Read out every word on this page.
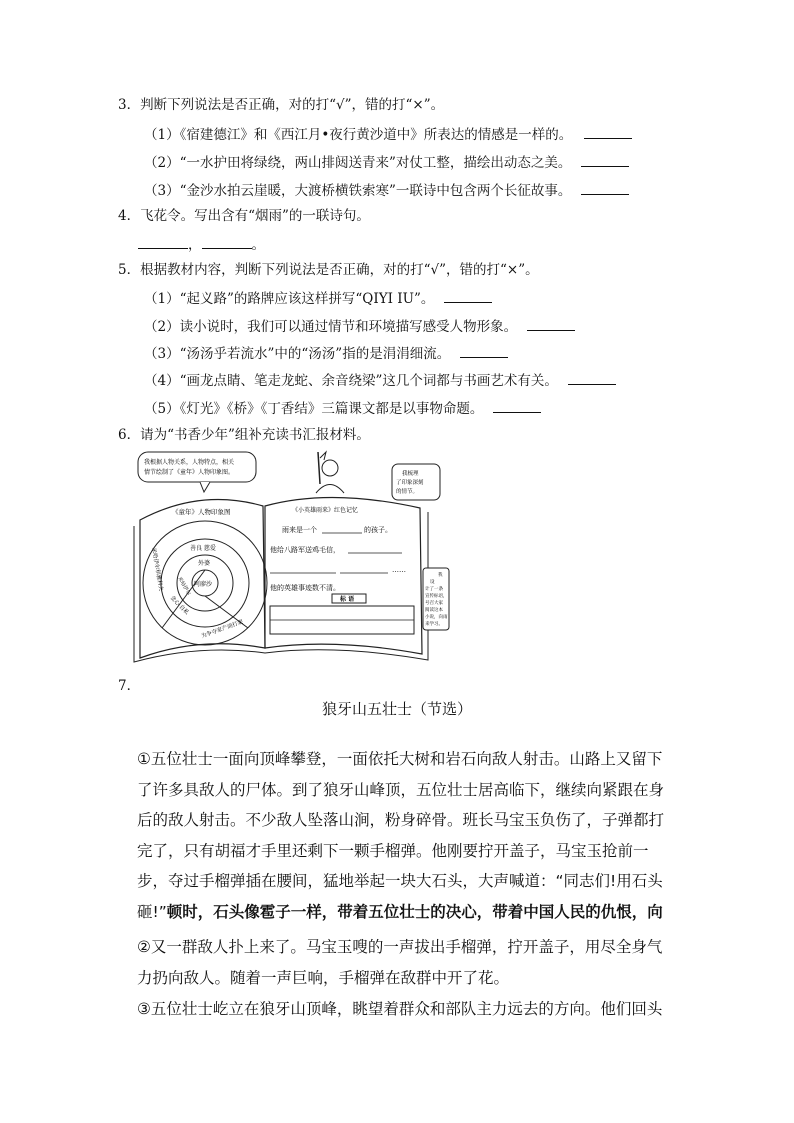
3．判断下列说法是否正确，对的打“√”，错的打“×”。
（1）《宿建德江》和《西江月•夜行黄沙道中》所表达的情感是一样的。
（2）“一水护田将绿绕，两山排闼送青来”对仗工整，描绘出动态之美。
（3）“金沙水拍云崖暖，大渡桥横铁索寒”一联诗中包含两个长征故事。
4．飞花令。写出含有“烟雨”的一联诗句。
，	。
5．根据教材内容，判断下列说法是否正确，对的打“√”，错的打“×”。
（1）“起义路”的路牌应该这样拼写“QIYI IU”。
（2）读小说时，我们可以通过情节和环境描写感受人物形象。
（3）“汤汤乎若流水”中的“汤汤”指的是涓涓细流。
（4）“画龙点睛、笔走龙蛇、余音绕梁”这几个词都与书画艺术有关。
（5）《灯光》《桥》《丁香结》三篇课文都是以事物命题。
6．请为“书香少年”组补充读书汇报材料。
我根据人物关系，人物特点，相关
情节绘制了《童年》人物印象图。	我梳理
了印象深刻
的情节。
《童年》人物印象图
善良 慈爱
外婆
阿廖沙
贪心 自私
米哈伊尔
米哈伊尔和雅科夫
为争夺家产而打架
《小英雄雨来》红色记忆
雨来是一个	的孩子。
他给八路军送鸡毛信，
……
他的英雄事迹数不清。
标 语
我
设
计了一条
宣传标语，
号召大家
阅读这本
小说，向雨
来学习。
7．
狼牙山五壮士（节选）
①五位壮士一面向顶峰攀登，一面依托大树和岩石向敌人射击。山路上又留下了许多具敌人的尸体。到了狼牙山峰顶，五位壮士居高临下，继续向紧跟在身后的敌人射击。不少敌人坠落山涧，粉身碎骨。班长马宝玉负伤了，子弹都打完了，只有胡福才手里还剩下一颗手榴弹。他刚要拧开盖子，马宝玉抢前一步，夺过手榴弹插在腰间，猛地举起一块大石头，大声喊道：“同志们!用石头砸!”顿时，石头像雹子一样，带着五位壮士的决心，带着中国人民的仇恨，向
②又一群敌人扑上来了。马宝玉嗖的一声拔出手榴弹，拧开盖子，用尽全身气力扔向敌人。随着一声巨响，手榴弹在敌群中开了花。
③五位壮士屹立在狼牙山顶峰，眺望着群众和部队主力远去的方向。他们回头
